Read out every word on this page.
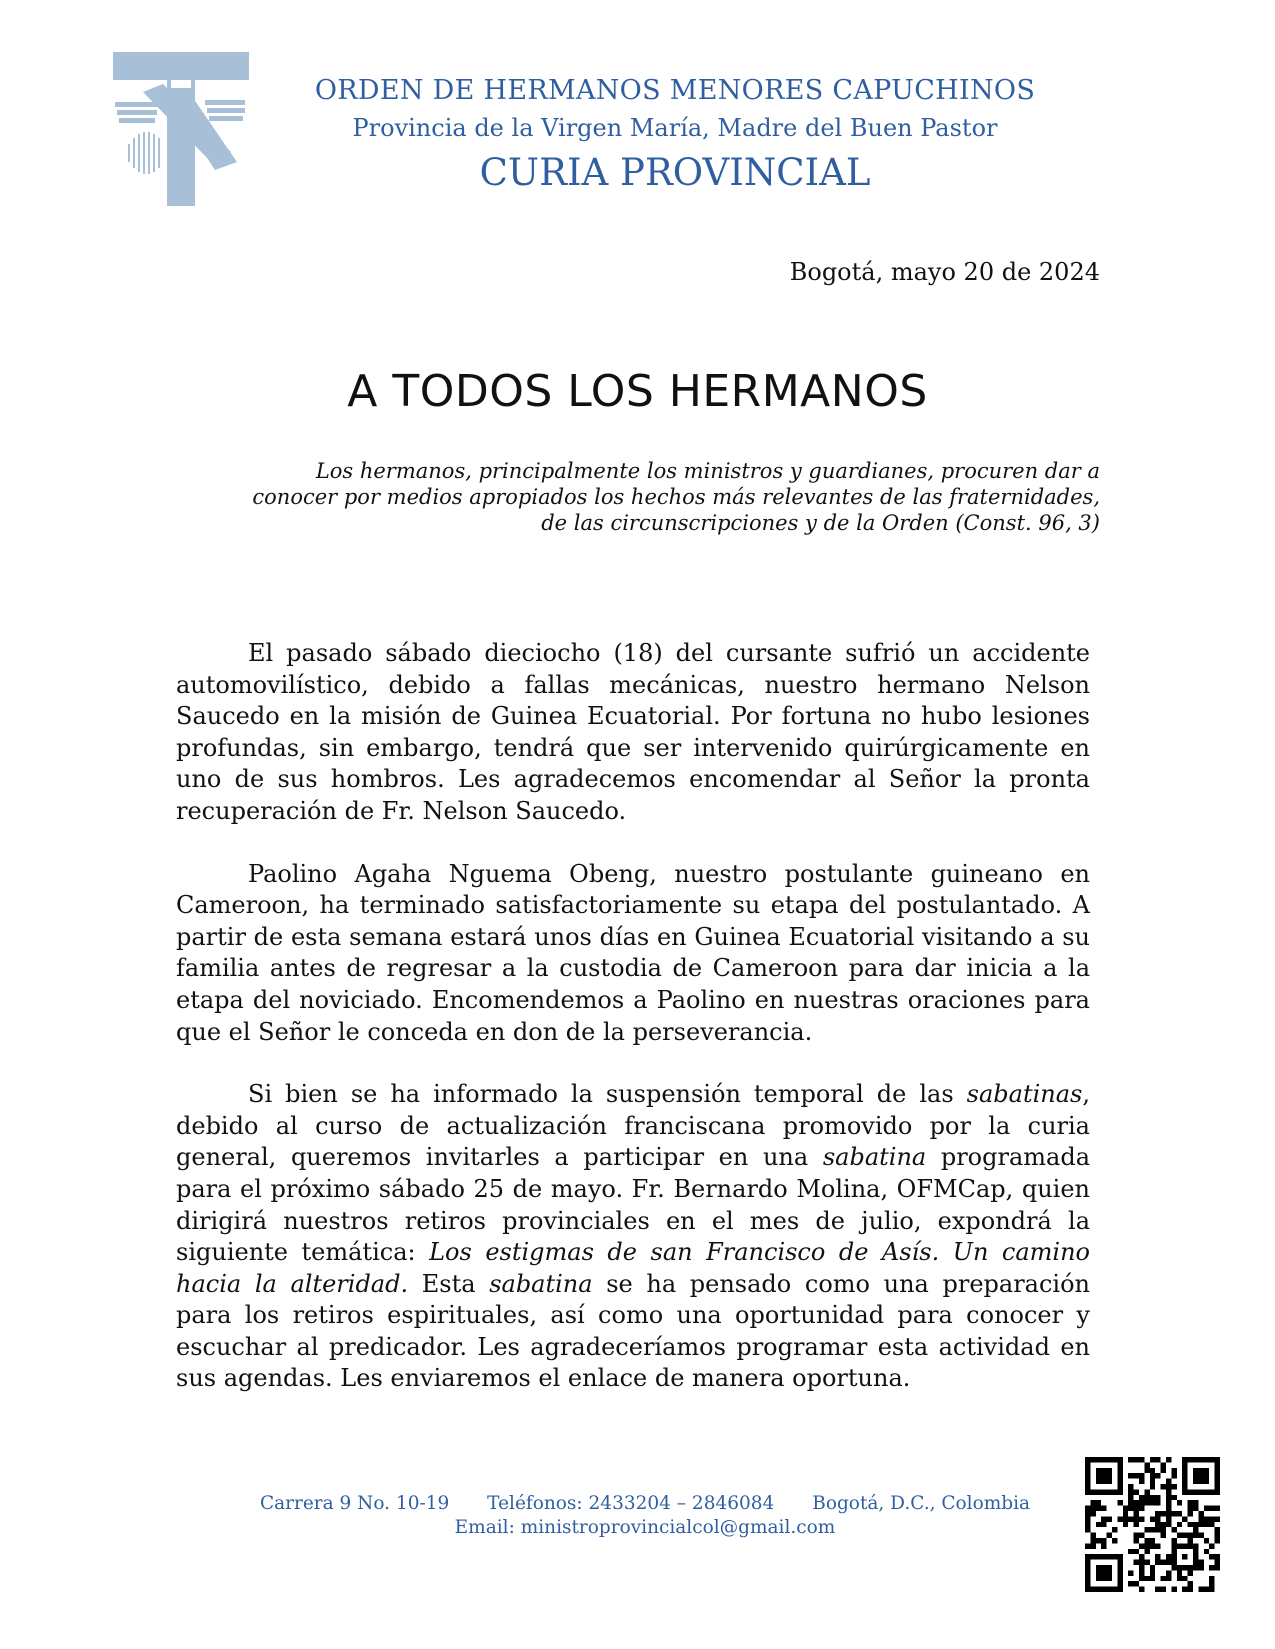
ORDEN DE HERMANOS MENORES CAPUCHINOS
Provincia de la Virgen María, Madre del Buen Pastor
CURIA PROVINCIAL
Bogotá, mayo 20 de 2024
A TODOS LOS HERMANOS
Los hermanos, principalmente los ministros y guardianes, procuren dar a
conocer por medios apropiados los hechos más relevantes de las fraternidades,
de las circunscripciones y de la Orden (Const. 96, 3)

El pasado sábado dieciocho (18) del cursante sufrió un accidente automovilístico, debido a fallas mecánicas, nuestro hermano Nelson Saucedo en la misión de Guinea Ecuatorial. Por fortuna no hubo lesiones profundas, sin embargo, tendrá que ser intervenido quirúrgicamente en uno de sus hombros. Les agradecemos encomendar al Señor la pronta recuperación de Fr. Nelson Saucedo.

Paolino Agaha Nguema Obeng, nuestro postulante guineano en Cameroon, ha terminado satisfactoriamente su etapa del postulantado. A partir de esta semana estará unos días en Guinea Ecuatorial visitando a su familia antes de regresar a la custodia de Cameroon para dar inicia a la etapa del noviciado. Encomendemos a Paolino en nuestras oraciones para que el Señor le conceda en don de la perseverancia.

Si bien se ha informado la suspensión temporal de las sabatinas, debido al curso de actualización franciscana promovido por la curia general, queremos invitarles a participar en una sabatina programada para el próximo sábado 25 de mayo. Fr. Bernardo Molina, OFMCap, quien dirigirá nuestros retiros provinciales en el mes de julio, expondrá la siguiente temática: Los estigmas de san Francisco de Asís. Un camino hacia la alteridad. Esta sabatina se ha pensado como una preparación para los retiros espirituales, así como una oportunidad para conocer y escuchar al predicador. Les agradeceríamos programar esta actividad en sus agendas. Les enviaremos el enlace de manera oportuna.

Carrera 9 No. 10-19 Teléfonos: 2433204 – 2846084 Bogotá, D.C., Colombia
Email: ministroprovincialcol@gmail.com
